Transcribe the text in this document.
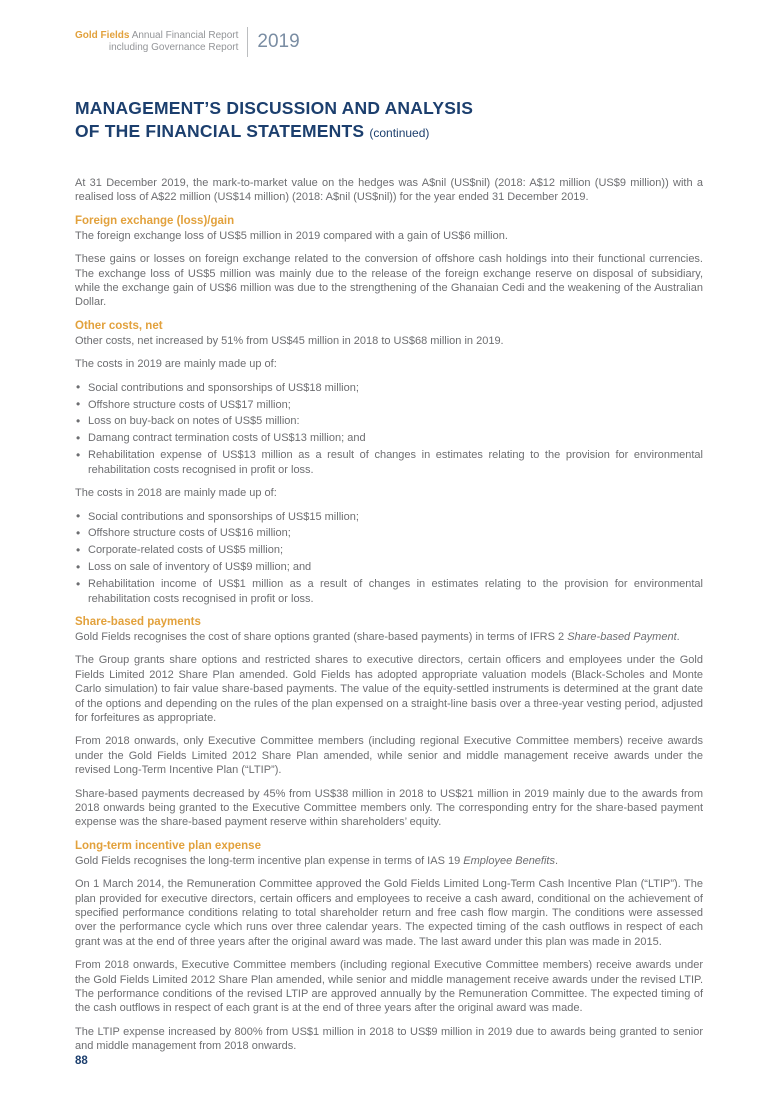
Gold Fields Annual Financial Report
including Governance Report 2019
MANAGEMENT’S DISCUSSION AND ANALYSIS
OF THE FINANCIAL STATEMENTS (continued)

At 31 December 2019, the mark-to-market value on the hedges was A$nil (US$nil) (2018: A$12 million (US$9 million)) with a realised loss of A$22 million (US$14 million) (2018: A$nil (US$nil)) for the year ended 31 December 2019.

Foreign exchange (loss)/gain

The foreign exchange loss of US$5 million in 2019 compared with a gain of US$6 million.

These gains or losses on foreign exchange related to the conversion of offshore cash holdings into their functional currencies. The exchange loss of US$5 million was mainly due to the release of the foreign exchange reserve on disposal of subsidiary, while the exchange gain of US$6 million was due to the strengthening of the Ghanaian Cedi and the weakening of the Australian Dollar.

Other costs, net

Other costs, net increased by 51% from US$45 million in 2018 to US$68 million in 2019.

The costs in 2019 are mainly made up of:

• Social contributions and sponsorships of US$18 million;
• Offshore structure costs of US$17 million;
• Loss on buy-back on notes of US$5 million:
• Damang contract termination costs of US$13 million; and
• Rehabilitation expense of US$13 million as a result of changes in estimates relating to the provision for environmental rehabilitation costs recognised in profit or loss.

The costs in 2018 are mainly made up of:

• Social contributions and sponsorships of US$15 million;
• Offshore structure costs of US$16 million;
• Corporate-related costs of US$5 million;
• Loss on sale of inventory of US$9 million; and
• Rehabilitation income of US$1 million as a result of changes in estimates relating to the provision for environmental rehabilitation costs recognised in profit or loss.
Share-based payments

Gold Fields recognises the cost of share options granted (share-based payments) in terms of IFRS 2 Share-based Payment.

The Group grants share options and restricted shares to executive directors, certain officers and employees under the Gold Fields Limited 2012 Share Plan amended. Gold Fields has adopted appropriate valuation models (Black-Scholes and Monte Carlo simulation) to fair value share-based payments. The value of the equity-settled instruments is determined at the grant date of the options and depending on the rules of the plan expensed on a straight-line basis over a three-year vesting period, adjusted for forfeitures as appropriate.

From 2018 onwards, only Executive Committee members (including regional Executive Committee members) receive awards under the Gold Fields Limited 2012 Share Plan amended, while senior and middle management receive awards under the revised Long-Term Incentive Plan (“LTIP”).

Share-based payments decreased by 45% from US$38 million in 2018 to US$21 million in 2019 mainly due to the awards from 2018 onwards being granted to the Executive Committee members only. The corresponding entry for the share-based payment expense was the share-based payment reserve within shareholders’ equity.

Long-term incentive plan expense

Gold Fields recognises the long-term incentive plan expense in terms of IAS 19 Employee Benefits.

On 1 March 2014, the Remuneration Committee approved the Gold Fields Limited Long-Term Cash Incentive Plan (“LTIP”). The plan provided for executive directors, certain officers and employees to receive a cash award, conditional on the achievement of specified performance conditions relating to total shareholder return and free cash flow margin. The conditions were assessed over the performance cycle which runs over three calendar years. The expected timing of the cash outflows in respect of each grant was at the end of three years after the original award was made. The last award under this plan was made in 2015.

From 2018 onwards, Executive Committee members (including regional Executive Committee members) receive awards under the Gold Fields Limited 2012 Share Plan amended, while senior and middle management receive awards under the revised LTIP. The performance conditions of the revised LTIP are approved annually by the Remuneration Committee. The expected timing of the cash outflows in respect of each grant is at the end of three years after the original award was made.

The LTIP expense increased by 800% from US$1 million in 2018 to US$9 million in 2019 due to awards being granted to senior and middle management from 2018 onwards.

88
